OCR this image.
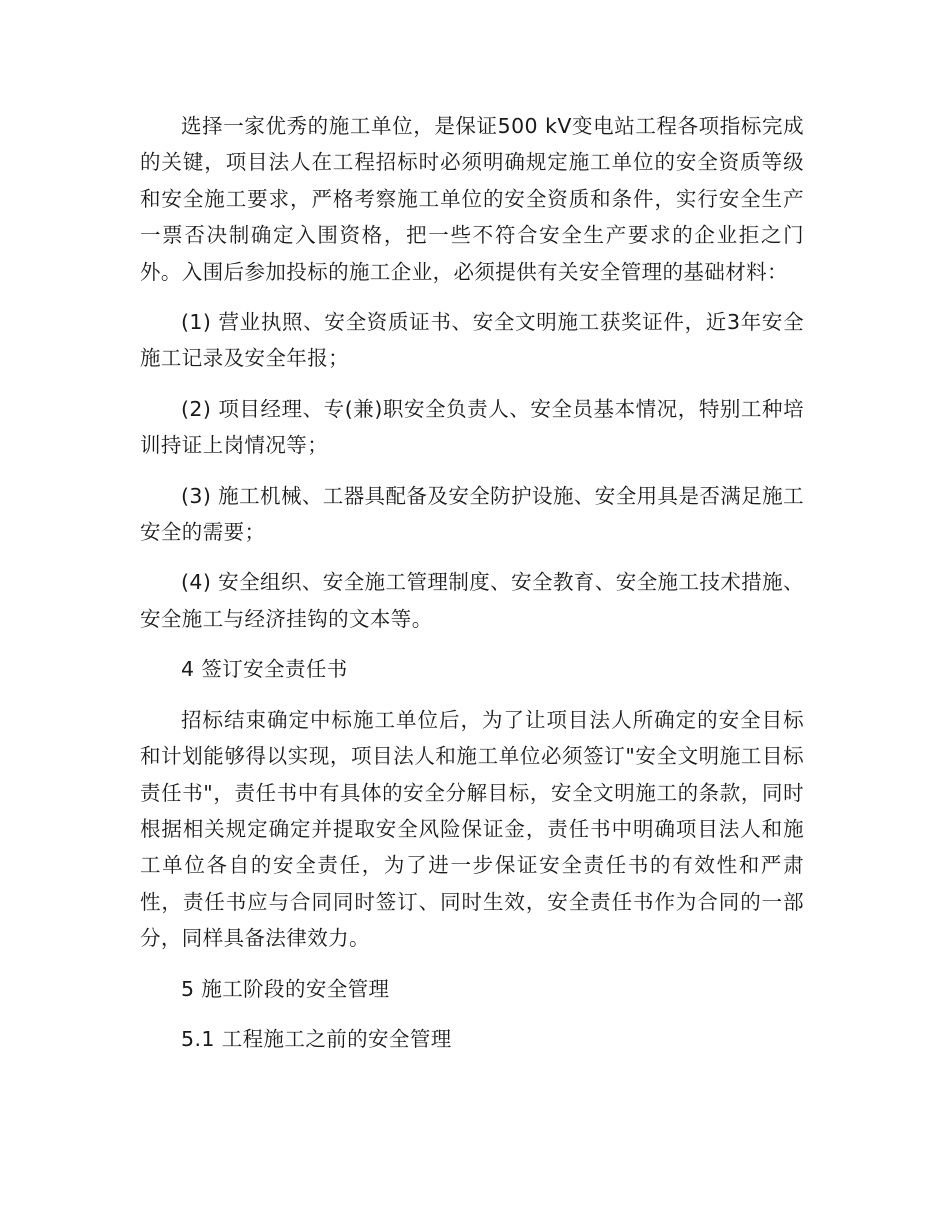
选择一家优秀的施工单位，是保证500 kV变电站工程各项指标完成的关键，项目法人在工程招标时必须明确规定施工单位的安全资质等级和安全施工要求，严格考察施工单位的安全资质和条件，实行安全生产一票否决制确定入围资格，把一些不符合安全生产要求的企业拒之门外。入围后参加投标的施工企业，必须提供有关安全管理的基础材料：

(1) 营业执照、安全资质证书、安全文明施工获奖证件，近3年安全施工记录及安全年报；

(2) 项目经理、专(兼)职安全负责人、安全员基本情况，特别工种培训持证上岗情况等；

(3) 施工机械、工器具配备及安全防护设施、安全用具是否满足施工安全的需要；

(4) 安全组织、安全施工管理制度、安全教育、安全施工技术措施、安全施工与经济挂钩的文本等。

4 签订安全责任书

招标结束确定中标施工单位后，为了让项目法人所确定的安全目标和计划能够得以实现，项目法人和施工单位必须签订"安全文明施工目标责任书"，责任书中有具体的安全分解目标，安全文明施工的条款，同时根据相关规定确定并提取安全风险保证金，责任书中明确项目法人和施工单位各自的安全责任，为了进一步保证安全责任书的有效性和严肃性，责任书应与合同同时签订、同时生效，安全责任书作为合同的一部分，同样具备法律效力。

5 施工阶段的安全管理

5.1 工程施工之前的安全管理
